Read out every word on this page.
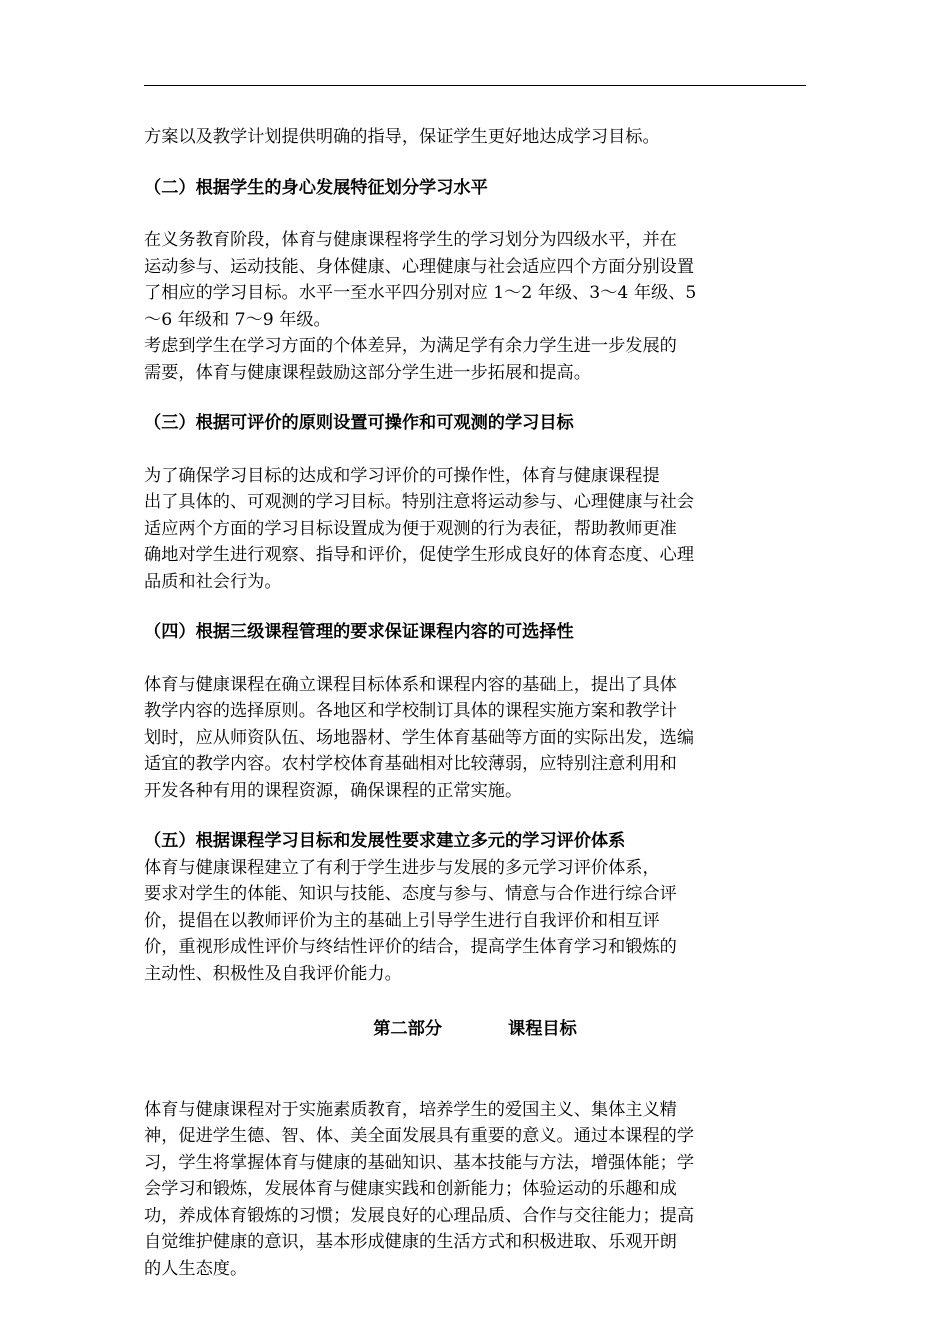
方案以及教学计划提供明确的指导，保证学生更好地达成学习目标。

（二）根据学生的身心发展特征划分学习水平

在义务教育阶段，体育与健康课程将学生的学习划分为四级水平，并在
运动参与、运动技能、身体健康、心理健康与社会适应四个方面分别设置
了相应的学习目标。水平一至水平四分别对应 1～2 年级、3～4 年级、5
～6 年级和 7～9 年级。

考虑到学生在学习方面的个体差异，为满足学有余力学生进一步发展的
需要，体育与健康课程鼓励这部分学生进一步拓展和提高。

（三）根据可评价的原则设置可操作和可观测的学习目标

为了确保学习目标的达成和学习评价的可操作性，体育与健康课程提
出了具体的、可观测的学习目标。特别注意将运动参与、心理健康与社会
适应两个方面的学习目标设置成为便于观测的行为表征，帮助教师更准
确地对学生进行观察、指导和评价，促使学生形成良好的体育态度、心理
品质和社会行为。

（四）根据三级课程管理的要求保证课程内容的可选择性

体育与健康课程在确立课程目标体系和课程内容的基础上，提出了具体
教学内容的选择原则。各地区和学校制订具体的课程实施方案和教学计
划时，应从师资队伍、场地器材、学生体育基础等方面的实际出发，选编
适宜的教学内容。农村学校体育基础相对比较薄弱，应特别注意利用和
开发各种有用的课程资源，确保课程的正常实施。

（五）根据课程学习目标和发展性要求建立多元的学习评价体系

体育与健康课程建立了有利于学生进步与发展的多元学习评价体系，
要求对学生的体能、知识与技能、态度与参与、情意与合作进行综合评
价，提倡在以教师评价为主的基础上引导学生进行自我评价和相互评
价，重视形成性评价与终结性评价的结合，提高学生体育学习和锻炼的
主动性、积极性及自我评价能力。

第二部分	课程目标

体育与健康课程对于实施素质教育，培养学生的爱国主义、集体主义精
神，促进学生德、智、体、美全面发展具有重要的意义。通过本课程的学
习，学生将掌握体育与健康的基础知识、基本技能与方法，增强体能；学
会学习和锻炼，发展体育与健康实践和创新能力；体验运动的乐趣和成
功，养成体育锻炼的习惯；发展良好的心理品质、合作与交往能力；提高
自觉维护健康的意识，基本形成健康的生活方式和积极进取、乐观开朗
的人生态度。
